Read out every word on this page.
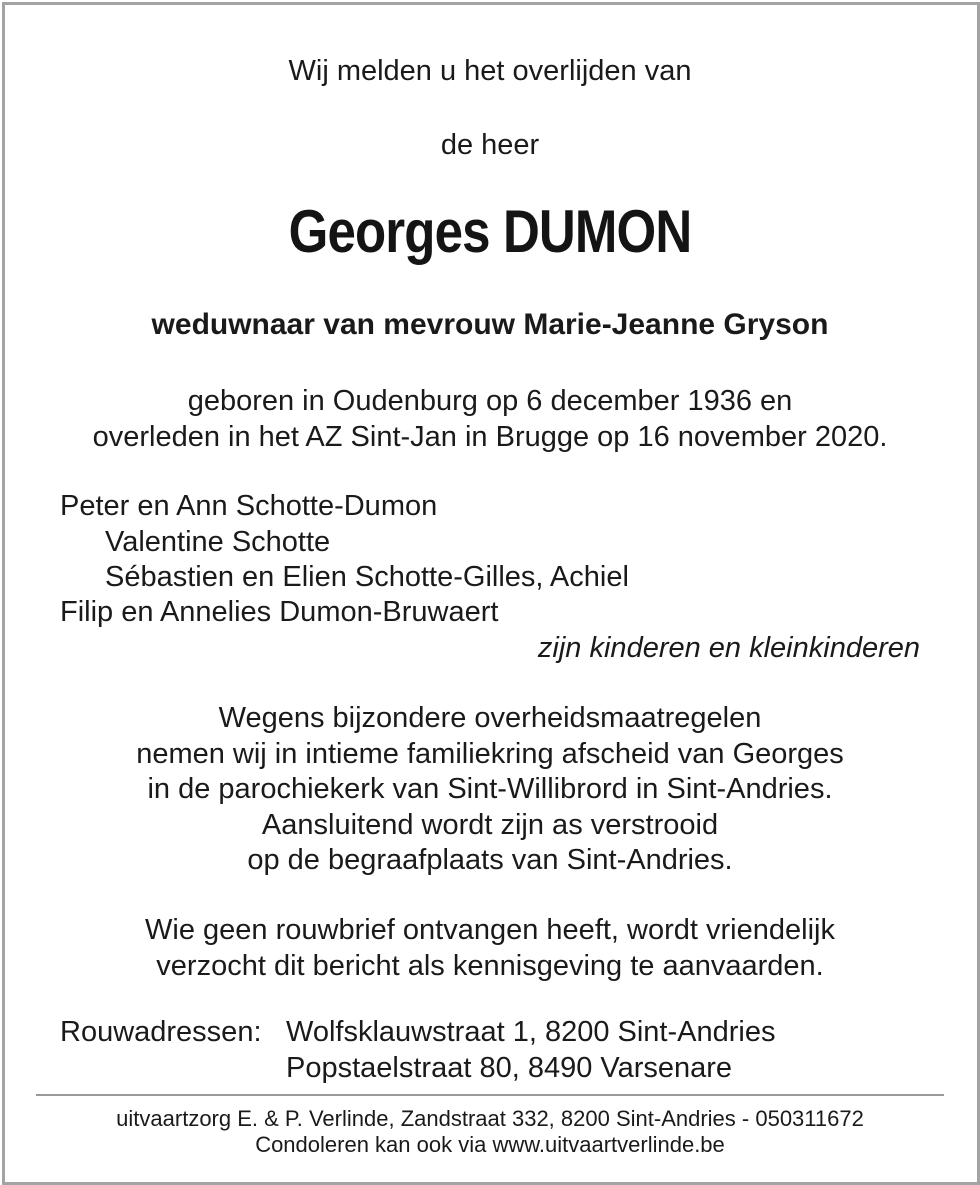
Wij melden u het overlijden van
de heer
Georges DUMON
weduwnaar van mevrouw Marie-Jeanne Gryson
geboren in Oudenburg op 6 december 1936 en
overleden in het AZ Sint-Jan in Brugge op 16 november 2020.
Peter en Ann Schotte-Dumon
Valentine Schotte
Sébastien en Elien Schotte-Gilles, Achiel
Filip en Annelies Dumon-Bruwaert
zijn kinderen en kleinkinderen
Wegens bijzondere overheidsmaatregelen
nemen wij in intieme familiekring afscheid van Georges
in de parochiekerk van Sint-Willibrord in Sint-Andries.
Aansluitend wordt zijn as verstrooid
op de begraafplaats van Sint-Andries.
Wie geen rouwbrief ontvangen heeft, wordt vriendelijk
verzocht dit bericht als kennisgeving te aanvaarden.
Rouwadressen: Wolfsklauwstraat 1, 8200 Sint-Andries
Popstaelstraat 80, 8490 Varsenare
uitvaartzorg E. & P. Verlinde, Zandstraat 332, 8200 Sint-Andries - 050311672
Condoleren kan ook via www.uitvaartverlinde.be
